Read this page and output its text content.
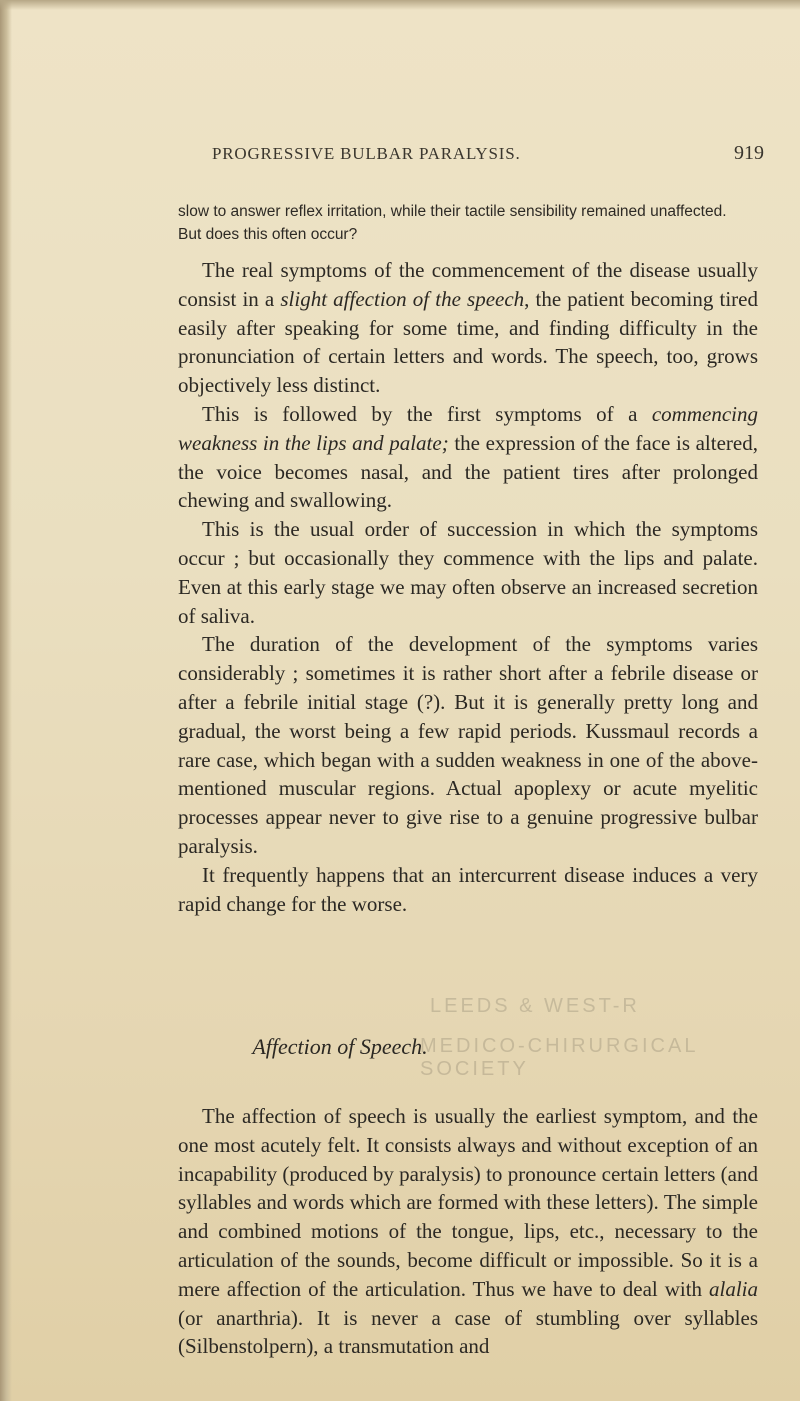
PROGRESSIVE BULBAR PARALYSIS.	919

slow to answer reflex irritation, while their tactile sensibility remained unaffected.

But does this often occur?

The real symptoms of the commencement of the disease usually consist in a slight affection of the speech, the patient becoming tired easily after speaking for some time, and finding difficulty in the pronunciation of certain letters and words. The speech, too, grows objectively less distinct.

This is followed by the first symptoms of a commencing weakness in the lips and palate; the expression of the face is altered, the voice becomes nasal, and the patient tires after prolonged chewing and swallowing.

This is the usual order of succession in which the symptoms occur ; but occasionally they commence with the lips and palate. Even at this early stage we may often observe an increased secretion of saliva.

The duration of the development of the symptoms varies considerably ; sometimes it is rather short after a febrile disease or after a febrile initial stage (?). But it is generally pretty long and gradual, the worst being a few rapid periods. Kussmaul records a rare case, which began with a sudden weakness in one of the above-mentioned muscular regions. Actual apoplexy or acute myelitic processes appear never to give rise to a genuine progressive bulbar paralysis.

It frequently happens that an intercurrent disease induces a very rapid change for the worse.

LEEDS & WEST-R
MEDICO-CHIRURGICAL SOCIETY
Affection of Speech.

The affection of speech is usually the earliest symptom, and the one most acutely felt. It consists always and without exception of an incapability (produced by paralysis) to pronounce certain letters (and syllables and words which are formed with these letters). The simple and combined motions of the tongue, lips, etc., necessary to the articulation of the sounds, become difficult or impossible. So it is a mere affection of the articulation. Thus we have to deal with alalia (or anarthria). It is never a case of stumbling over syllables (Silbenstolpern), a transmutation and
